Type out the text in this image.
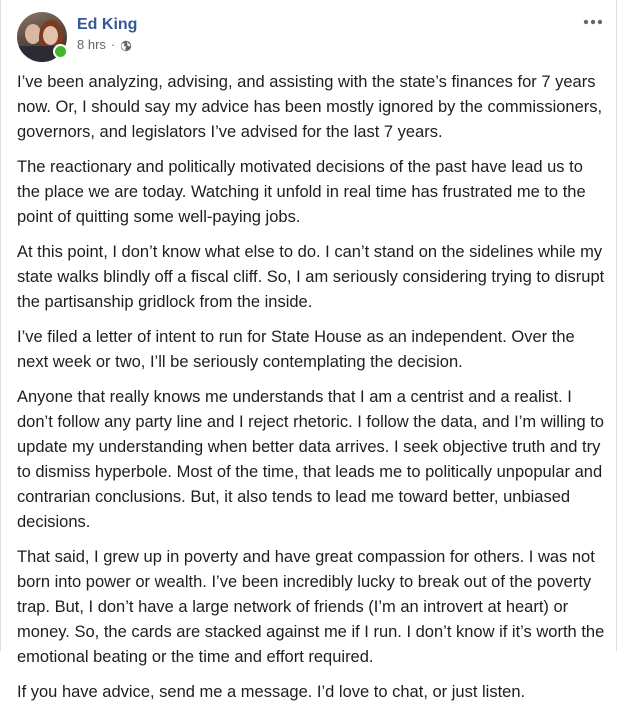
Ed King
8 hrs ·

I’ve been analyzing, advising, and assisting with the state’s finances for 7 years now. Or, I should say my advice has been mostly ignored by the commissioners, governors, and legislators I’ve advised for the last 7 years.

The reactionary and politically motivated decisions of the past have lead us to the place we are today. Watching it unfold in real time has frustrated me to the point of quitting some well-paying jobs.

At this point, I don’t know what else to do. I can’t stand on the sidelines while my state walks blindly off a fiscal cliff. So, I am seriously considering trying to disrupt the partisanship gridlock from the inside.

I’ve filed a letter of intent to run for State House as an independent. Over the next week or two, I’ll be seriously contemplating the decision.

Anyone that really knows me understands that I am a centrist and a realist. I don’t follow any party line and I reject rhetoric. I follow the data, and I’m willing to update my understanding when better data arrives. I seek objective truth and try to dismiss hyperbole. Most of the time, that leads me to politically unpopular and contrarian conclusions. But, it also tends to lead me toward better, unbiased decisions.

That said, I grew up in poverty and have great compassion for others. I was not born into power or wealth. I’ve been incredibly lucky to break out of the poverty trap. But, I don’t have a large network of friends (I’m an introvert at heart) or money. So, the cards are stacked against me if I run. I don’t know if it’s worth the emotional beating or the time and effort required.

If you have advice, send me a message. I’d love to chat, or just listen.
